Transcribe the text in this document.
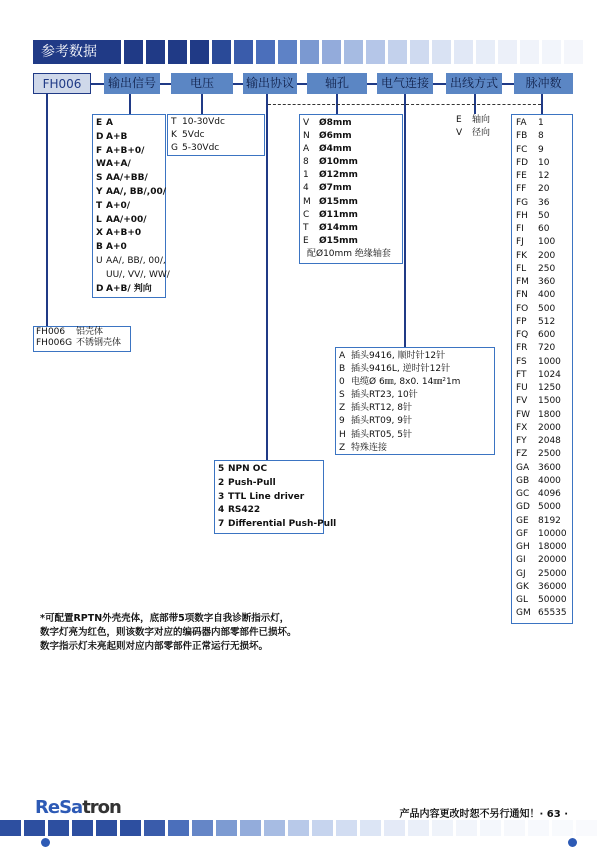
参考数据
FH006	输出信号	电压	输出协议	轴孔	电气连接	出线方式	脉冲数
E A
D A+B
F A+B+0/
W A+A/
S AA/+BB/
Y AA/, BB/,00/
T A+0/
L AA/+00/
X A+B+0
B A+0
U AA/, BB/, 00/,
UU/, VV/, WW/
D A+B/ 判向
T 10-30Vdc
K 5Vdc
G 5-30Vdc
V	Ø8mm
N	Ø6mm
A	Ø4mm
8	Ø10mm
1	Ø12mm
4	Ø7mm
M Ø15mm
C	Ø11mm
T	Ø14mm
E	Ø15mm
配Ø10mm 绝缘轴套
E	轴向
V	径向
FA	1
FB	8
FC	9
FD	10
FE	12
FF	20
FG	36
FH	50
FI	60
FJ	100
FK	200
FL	250
FM	360
FN	400
FO	500
FP	512
FQ	600
FR	720
FS	1000
FT	1024
FU	1250
FV	1500
FW 1800
FX	2000
FY	2048
FZ	2500
GA 3600
GB 4000
GC 4096
GD 5000
GE	8192
GF	10000
GH 18000
GI	20000
GJ	25000
GK	36000
GL	50000
GM 65535
FH006	铝壳体
FH006G 不锈钢壳体
A 插头9416, 顺时针12针
B 插头9416L, 逆时针12针
0 电缆Ø 6㎜, 8x0. 14㎜²1m
S 插头RT23, 10针
Z 插头RT12, 8针
9 插头RT09, 9针
H 插头RT05, 5针
Z 特殊连接
5 NPN OC
2 Push-Pull
3 TTL Line driver
4 RS422
7 Differential Push-Pull
*可配置RPTN外壳壳体，底部带5项数字自我诊断指示灯，
数字灯亮为红色，则该数字对应的编码器内部零部件已损坏。
数字指示灯未亮起则对应内部零部件正常运行无损坏。
ReSatron	产品内容更改时恕不另行通知！· 63 ·
